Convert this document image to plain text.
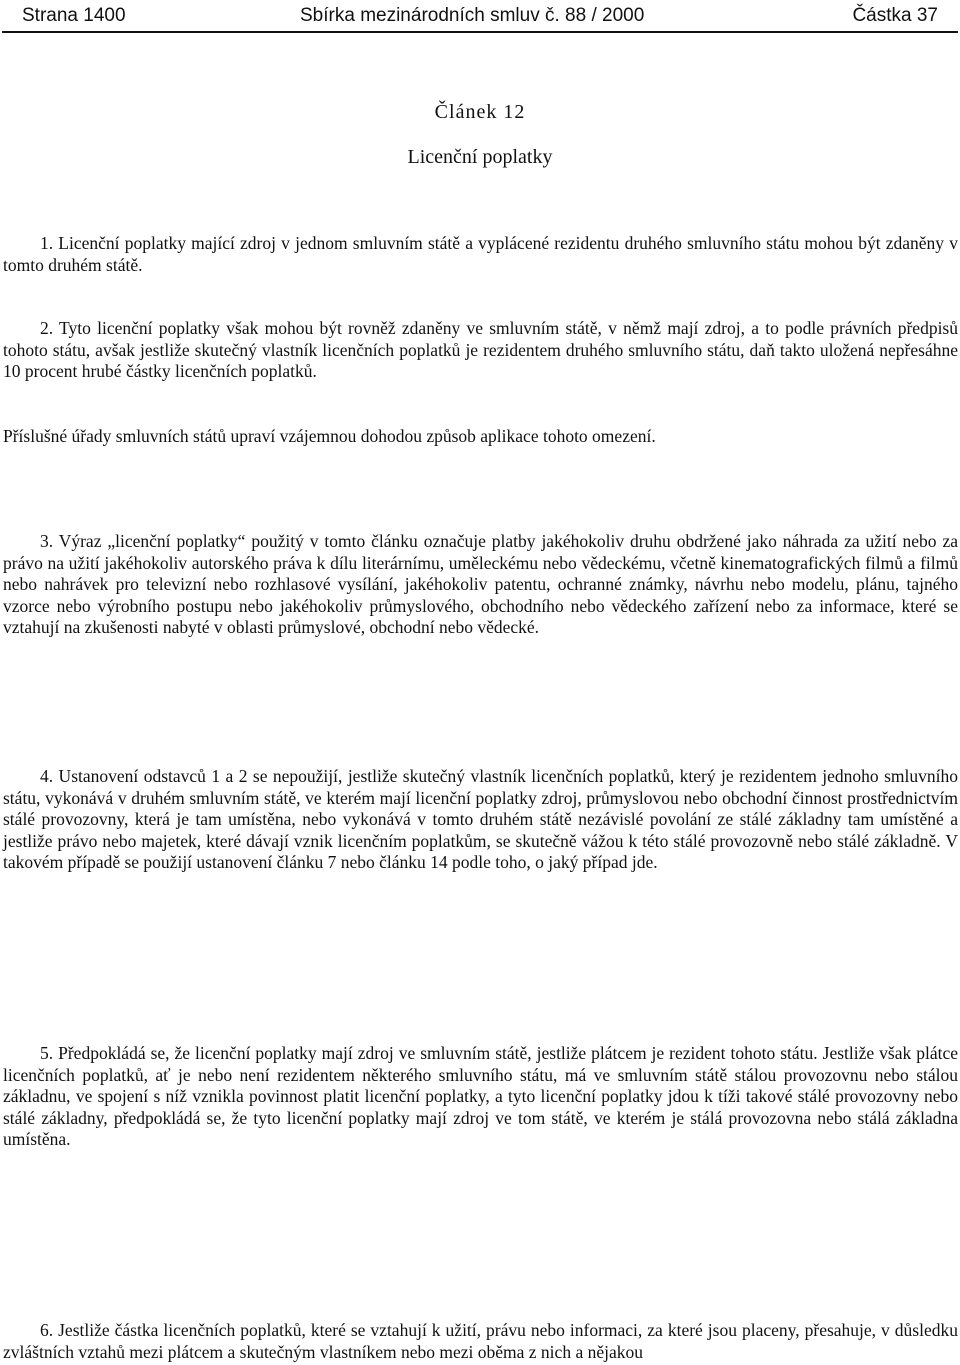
Strana 1400	Sbírka mezinárodních smluv č. 88 / 2000	Částka 37
Článek 12
Licenční poplatky

1. Licenční poplatky mající zdroj v jednom smluvním státě a vyplácené rezidentu druhého smluvního státu mohou být zdaněny v tomto druhém státě.

2. Tyto licenční poplatky však mohou být rovněž zdaněny ve smluvním státě, v němž mají zdroj, a to podle právních předpisů tohoto státu, avšak jestliže skutečný vlastník licenčních poplatků je rezidentem druhého smluvního státu, daň takto uložená nepřesáhne 10 procent hrubé částky licenčních poplatků.

Příslušné úřady smluvních států upraví vzájemnou dohodou způsob aplikace tohoto omezení.

3. Výraz „licenční poplatky“ použitý v tomto článku označuje platby jakéhokoliv druhu obdržené jako náhrada za užití nebo za právo na užití jakéhokoliv autorského práva k dílu literárnímu, uměleckému nebo vědeckému, včetně kinematografických filmů a filmů nebo nahrávek pro televizní nebo rozhlasové vysílání, jakéhokoliv patentu, ochranné známky, návrhu nebo modelu, plánu, tajného vzorce nebo výrobního postupu nebo jakéhokoliv průmyslového, obchodního nebo vědeckého zařízení nebo za informace, které se vztahují na zkušenosti nabyté v oblasti průmyslové, obchodní nebo vědecké.

4. Ustanovení odstavců 1 a 2 se nepoužijí, jestliže skutečný vlastník licenčních poplatků, který je rezidentem jednoho smluvního státu, vykonává v druhém smluvním státě, ve kterém mají licenční poplatky zdroj, průmyslovou nebo obchodní činnost prostřednictvím stálé provozovny, která je tam umístěna, nebo vykonává v tomto druhém státě nezávislé povolání ze stálé základny tam umístěné a jestliže právo nebo majetek, které dávají vznik licenčním poplatkům, se skutečně vážou k této stálé provozovně nebo stálé základně. V takovém případě se použijí ustanovení článku 7 nebo článku 14 podle toho, o jaký případ jde.

5. Předpokládá se, že licenční poplatky mají zdroj ve smluvním státě, jestliže plátcem je rezident tohoto státu. Jestliže však plátce licenčních poplatků, ať je nebo není rezidentem některého smluvního státu, má ve smluvním státě stálou provozovnu nebo stálou základnu, ve spojení s níž vznikla povinnost platit licenční poplatky, a tyto licenční poplatky jdou k tíži takové stálé provozovny nebo stálé základny, předpokládá se, že tyto licenční poplatky mají zdroj ve tom státě, ve kterém je stálá provozovna nebo stálá základna umístěna.

6. Jestliže částka licenčních poplatků, které se vztahují k užití, právu nebo informaci, za které jsou placeny, přesahuje, v důsledku zvláštních vztahů mezi plátcem a skutečným vlastníkem nebo mezi oběma z nich a nějakou
